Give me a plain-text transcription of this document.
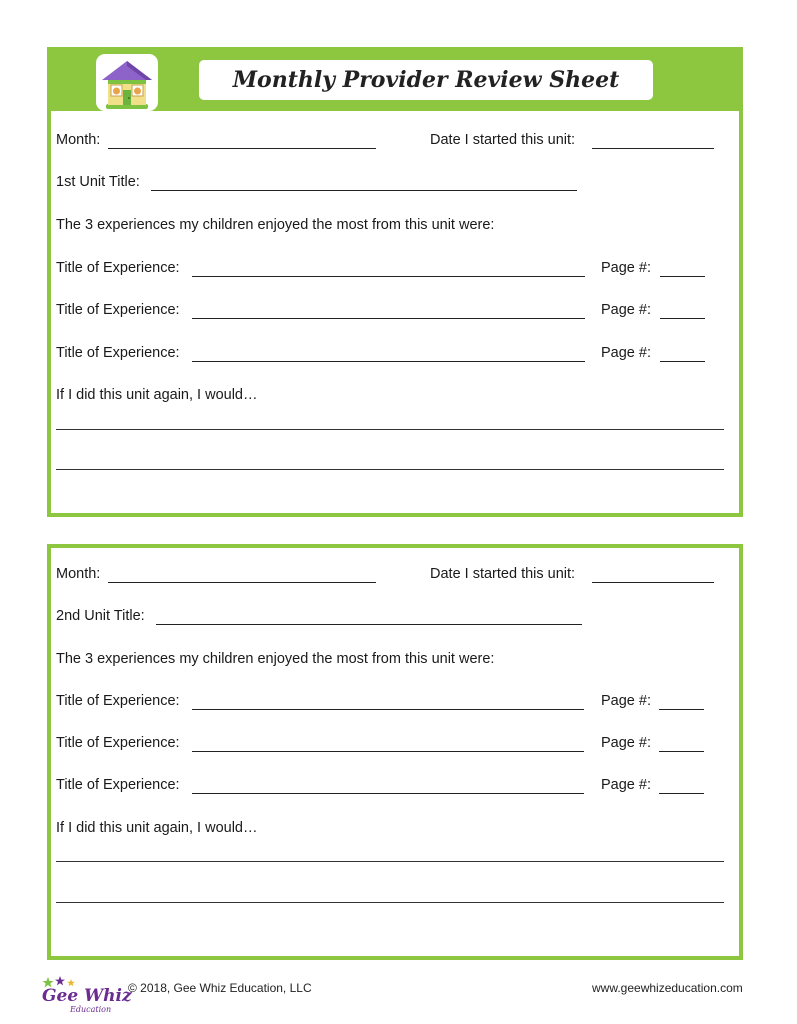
Monthly Provider Review Sheet
Month:	Date I started this unit:
1st Unit Title:
The 3 experiences my children enjoyed the most from this unit were:
Title of Experience:	Page #:
Title of Experience:	Page #:
Title of Experience:	Page #:
If I did this unit again, I would…
Month:	Date I started this unit:
2nd Unit Title:
The 3 experiences my children enjoyed the most from this unit were:
Title of Experience:	Page #:
Title of Experience:	Page #:
Title of Experience:	Page #:
If I did this unit again, I would…
Gee Whiz
Education
© 2018, Gee Whiz Education, LLC	www.geewhizeducation.com
